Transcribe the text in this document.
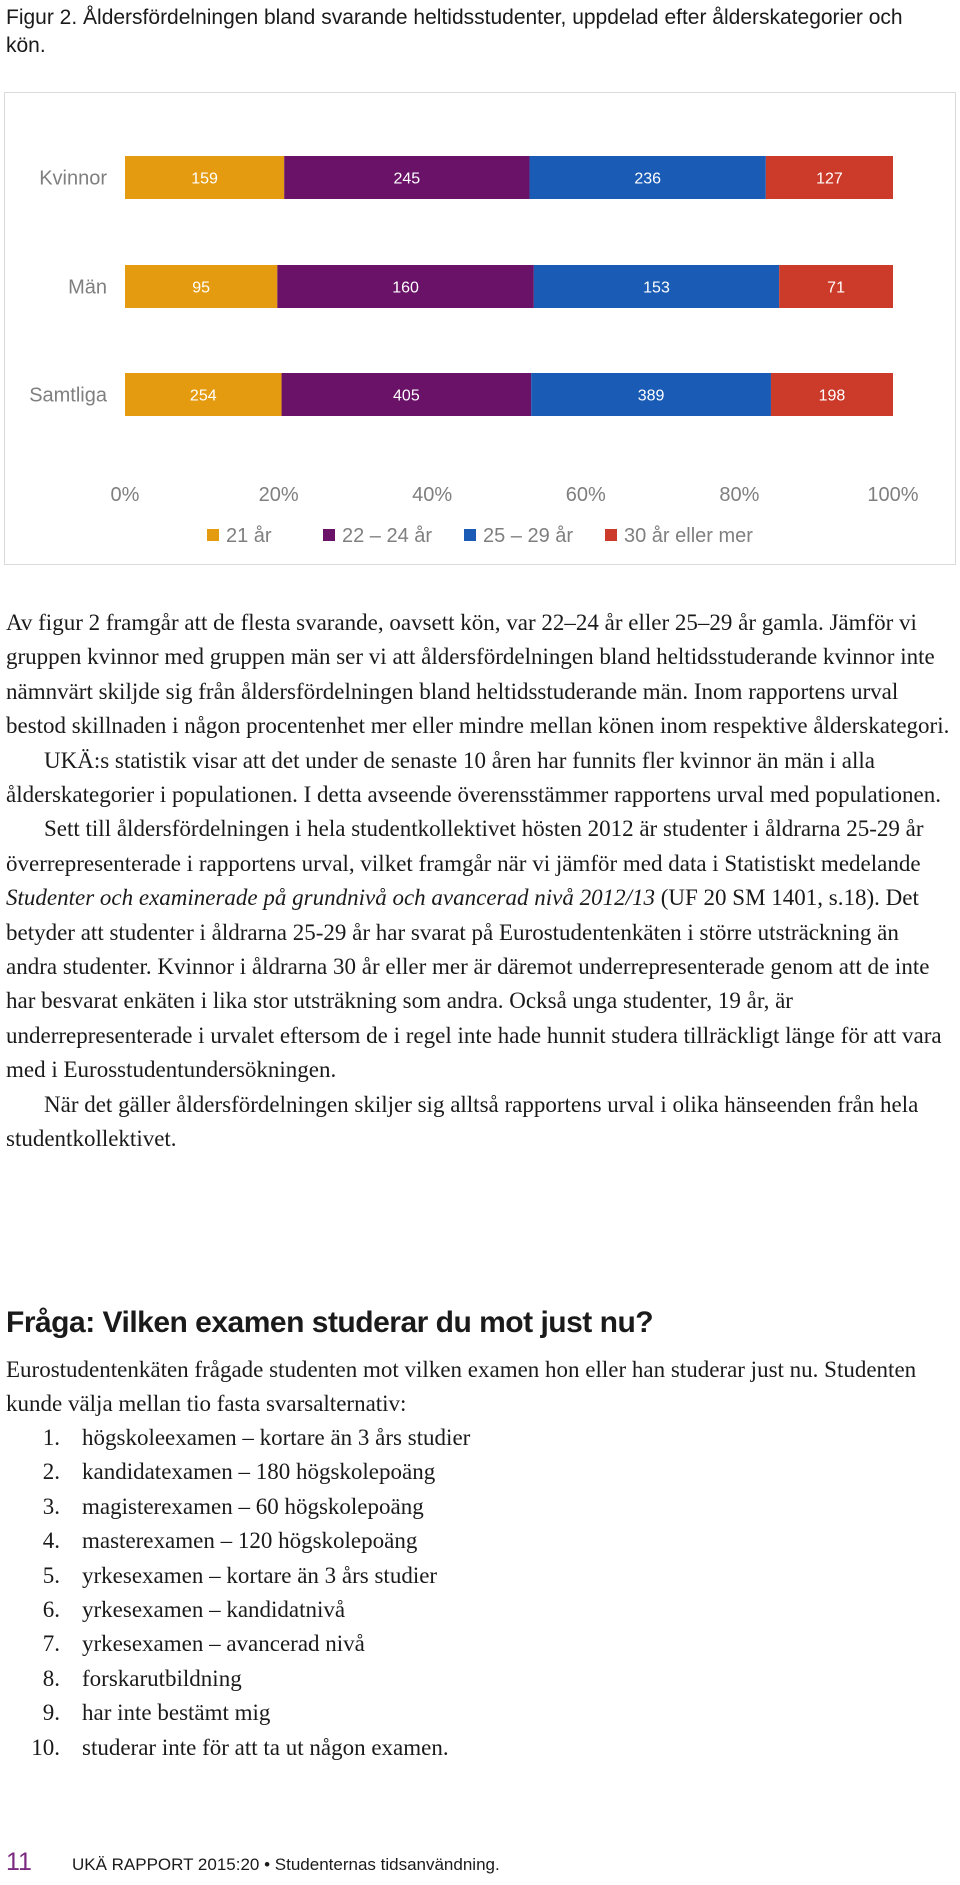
Figur 2. Åldersfördelningen bland svarande heltidsstudenter, uppdelad efter ålderskategorier och kön.
Kvinnor	159	245	236	127
Män	95	160	153	71
Samtliga	254	405	389	198
0%	20%	40%	60%	80%	100%
21 år	22 – 24 år	25 – 29 år	30 år eller mer

Av figur 2 framgår att de flesta svarande, oavsett kön, var 22–24 år eller 25–29 år gamla. Jämför vi gruppen kvinnor med gruppen män ser vi att åldersfördelningen bland heltidsstuderande kvinnor inte nämnvärt skiljde sig från åldersfördelningen bland heltidsstuderande män. Inom rapportens urval bestod skillnaden i någon procentenhet mer eller mindre mellan könen inom respektive ålderskategori.

UKÄ:s statistik visar att det under de senaste 10 åren har funnits fler kvinnor än män i alla ålderskategorier i populationen. I detta avseende överensstämmer rapportens urval med populationen.

Sett till åldersfördelningen i hela studentkollektivet hösten 2012 är studenter i åldrarna 25-29 år överrepresenterade i rapportens urval, vilket framgår när vi jämför med data i Statistiskt medelande Studenter och examinerade på grundnivå och avancerad nivå 2012/13 (UF 20 SM 1401, s.18). Det betyder att studenter i åldrarna 25-29 år har svarat på Eurostudentenkäten i större utsträckning än andra studenter. Kvinnor i åldrarna 30 år eller mer är däremot underrepresenterade genom att de inte har besvarat enkäten i lika stor utsträkning som andra. Också unga studenter, 19 år, är underrepresenterade i urvalet eftersom de i regel inte hade hunnit studera tillräckligt länge för att vara med i Eurosstudentundersökningen.

När det gäller åldersfördelningen skiljer sig alltså rapportens urval i olika hänseenden från hela studentkollektivet.

Fråga: Vilken examen studerar du mot just nu?

Eurostudentenkäten frågade studenten mot vilken examen hon eller han studerar just nu. Studenten kunde välja mellan tio fasta svarsalternativ:

1. högskoleexamen – kortare än 3 års studier
2. kandidatexamen – 180 högskolepoäng
3. magisterexamen – 60 högskolepoäng
4. masterexamen – 120 högskolepoäng
5. yrkesexamen – kortare än 3 års studier
6. yrkesexamen – kandidatnivå
7. yrkesexamen – avancerad nivå
8. forskarutbildning
9. har inte bestämt mig
10. studerar inte för att ta ut någon examen.
11 UKÄ RAPPORT 2015:20 • Studenternas tidsanvändning.
